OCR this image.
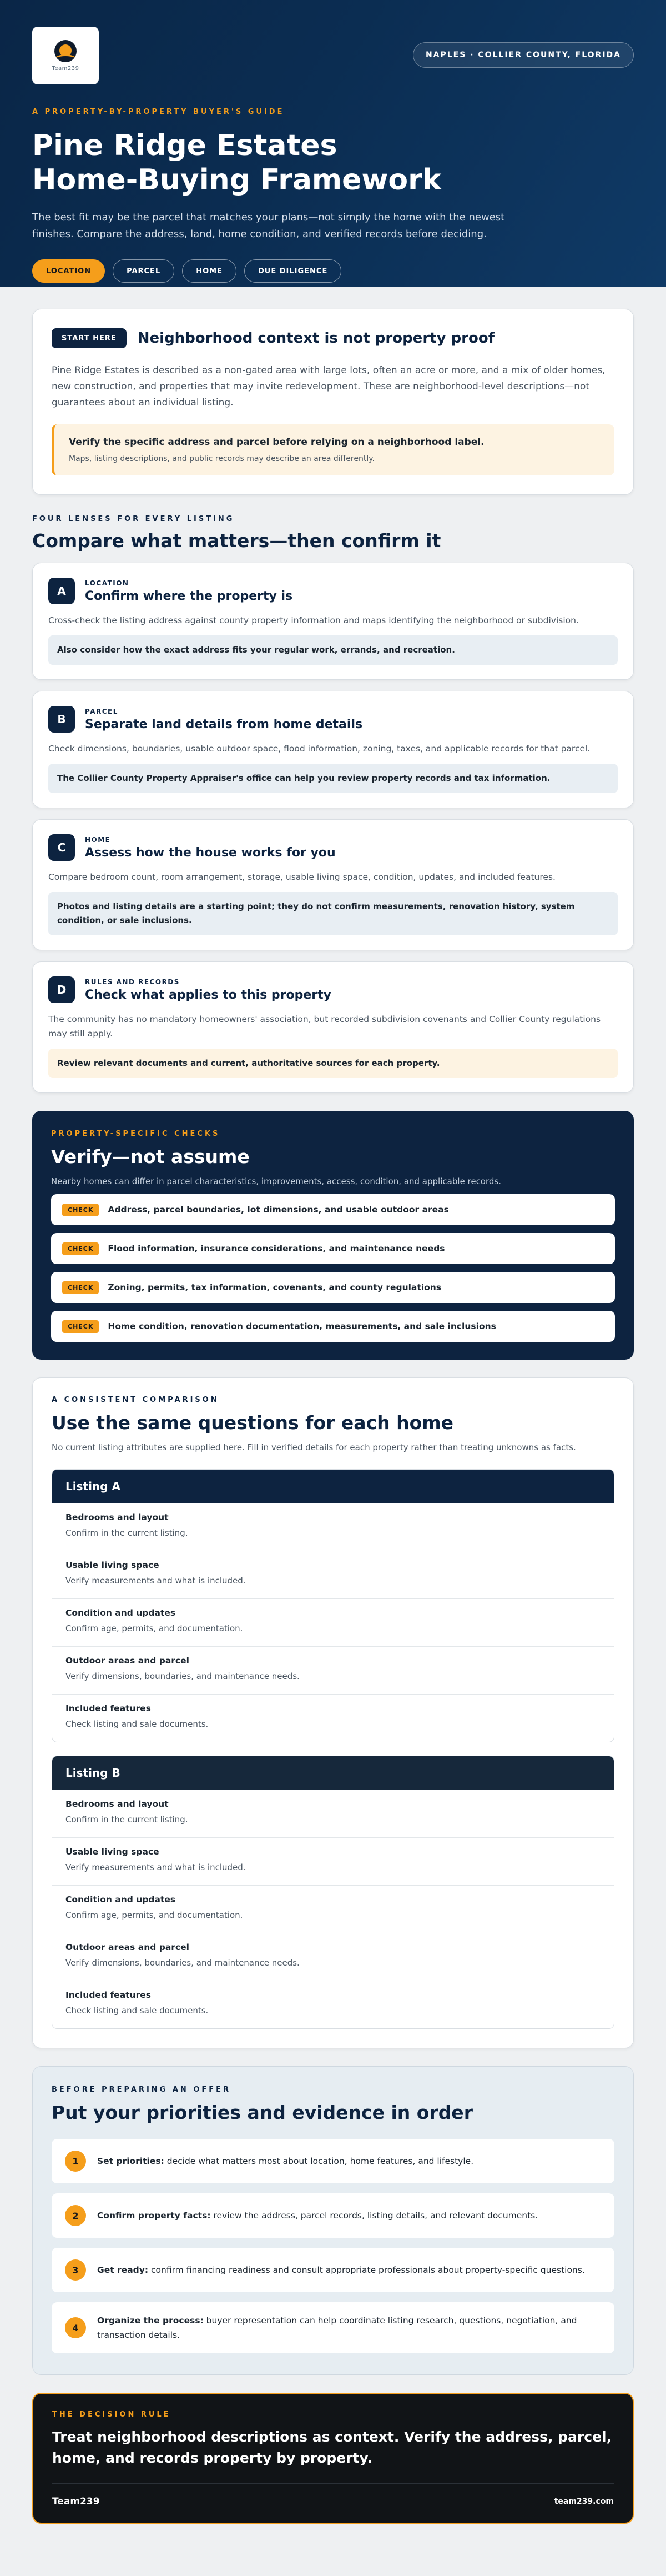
Team239
NAPLES · COLLIER COUNTY, FLORIDA
A PROPERTY-BY-PROPERTY BUYER'S GUIDE
Pine Ridge Estates
Home-Buying Framework

The best fit may be the parcel that matches your plans—not simply the home with the newest finishes. Compare the address, land, home condition, and verified records before deciding.

LOCATION	PARCEL	HOME	DUE DILIGENCE
START HERE	Neighborhood context is not property proof

Pine Ridge Estates is described as a non-gated area with large lots, often an acre or more, and a mix of older homes, new construction, and properties that may invite redevelopment. These are neighborhood-level descriptions—not guarantees about an individual listing.

Verify the specific address and parcel before relying on a neighborhood label.
Maps, listing descriptions, and public records may describe an area differently.
FOUR LENSES FOR EVERY LISTING
Compare what matters—then confirm it
A
LOCATION
Confirm where the property is

Cross-check the listing address against county property information and maps identifying the neighborhood or subdivision.

Also consider how the exact address fits your regular work, errands, and recreation.
B
PARCEL
Separate land details from home details

Check dimensions, boundaries, usable outdoor space, flood information, zoning, taxes, and applicable records for that parcel.

The Collier County Property Appraiser's office can help you review property records and tax information.
C
HOME
Assess how the house works for you

Compare bedroom count, room arrangement, storage, usable living space, condition, updates, and included features.

Photos and listing details are a starting point; they do not confirm measurements, renovation history, system condition, or sale inclusions.
D
RULES AND RECORDS
Check what applies to this property

The community has no mandatory homeowners' association, but recorded subdivision covenants and Collier County regulations may still apply.

Review relevant documents and current, authoritative sources for each property.
PROPERTY-SPECIFIC CHECKS
Verify—not assume
Nearby homes can differ in parcel characteristics, improvements, access, condition, and applicable records.
CHECK	Address, parcel boundaries, lot dimensions, and usable outdoor areas
CHECK	Flood information, insurance considerations, and maintenance needs
CHECK	Zoning, permits, tax information, covenants, and county regulations
CHECK	Home condition, renovation documentation, measurements, and sale inclusions
A CONSISTENT COMPARISON
Use the same questions for each home
No current listing attributes are supplied here. Fill in verified details for each property rather than treating unknowns as facts.
Listing A
Bedrooms and layout
Confirm in the current listing.
Usable living space
Verify measurements and what is included.
Condition and updates
Confirm age, permits, and documentation.
Outdoor areas and parcel
Verify dimensions, boundaries, and maintenance needs.
Included features
Check listing and sale documents.
Listing B
Bedrooms and layout
Confirm in the current listing.
Usable living space
Verify measurements and what is included.
Condition and updates
Confirm age, permits, and documentation.
Outdoor areas and parcel
Verify dimensions, boundaries, and maintenance needs.
Included features
Check listing and sale documents.
BEFORE PREPARING AN OFFER
Put your priorities and evidence in order
1	Set priorities: decide what matters most about location, home features, and lifestyle.
2	Confirm property facts: review the address, parcel records, listing details, and relevant documents.
3	Get ready: confirm financing readiness and consult appropriate professionals about property-specific questions.
4
Organize the process: buyer representation can help coordinate listing research, questions, negotiation, and transaction details.
THE DECISION RULE
Treat neighborhood descriptions as context. Verify the address, parcel, home, and records property by property.
Team239	team239.com
